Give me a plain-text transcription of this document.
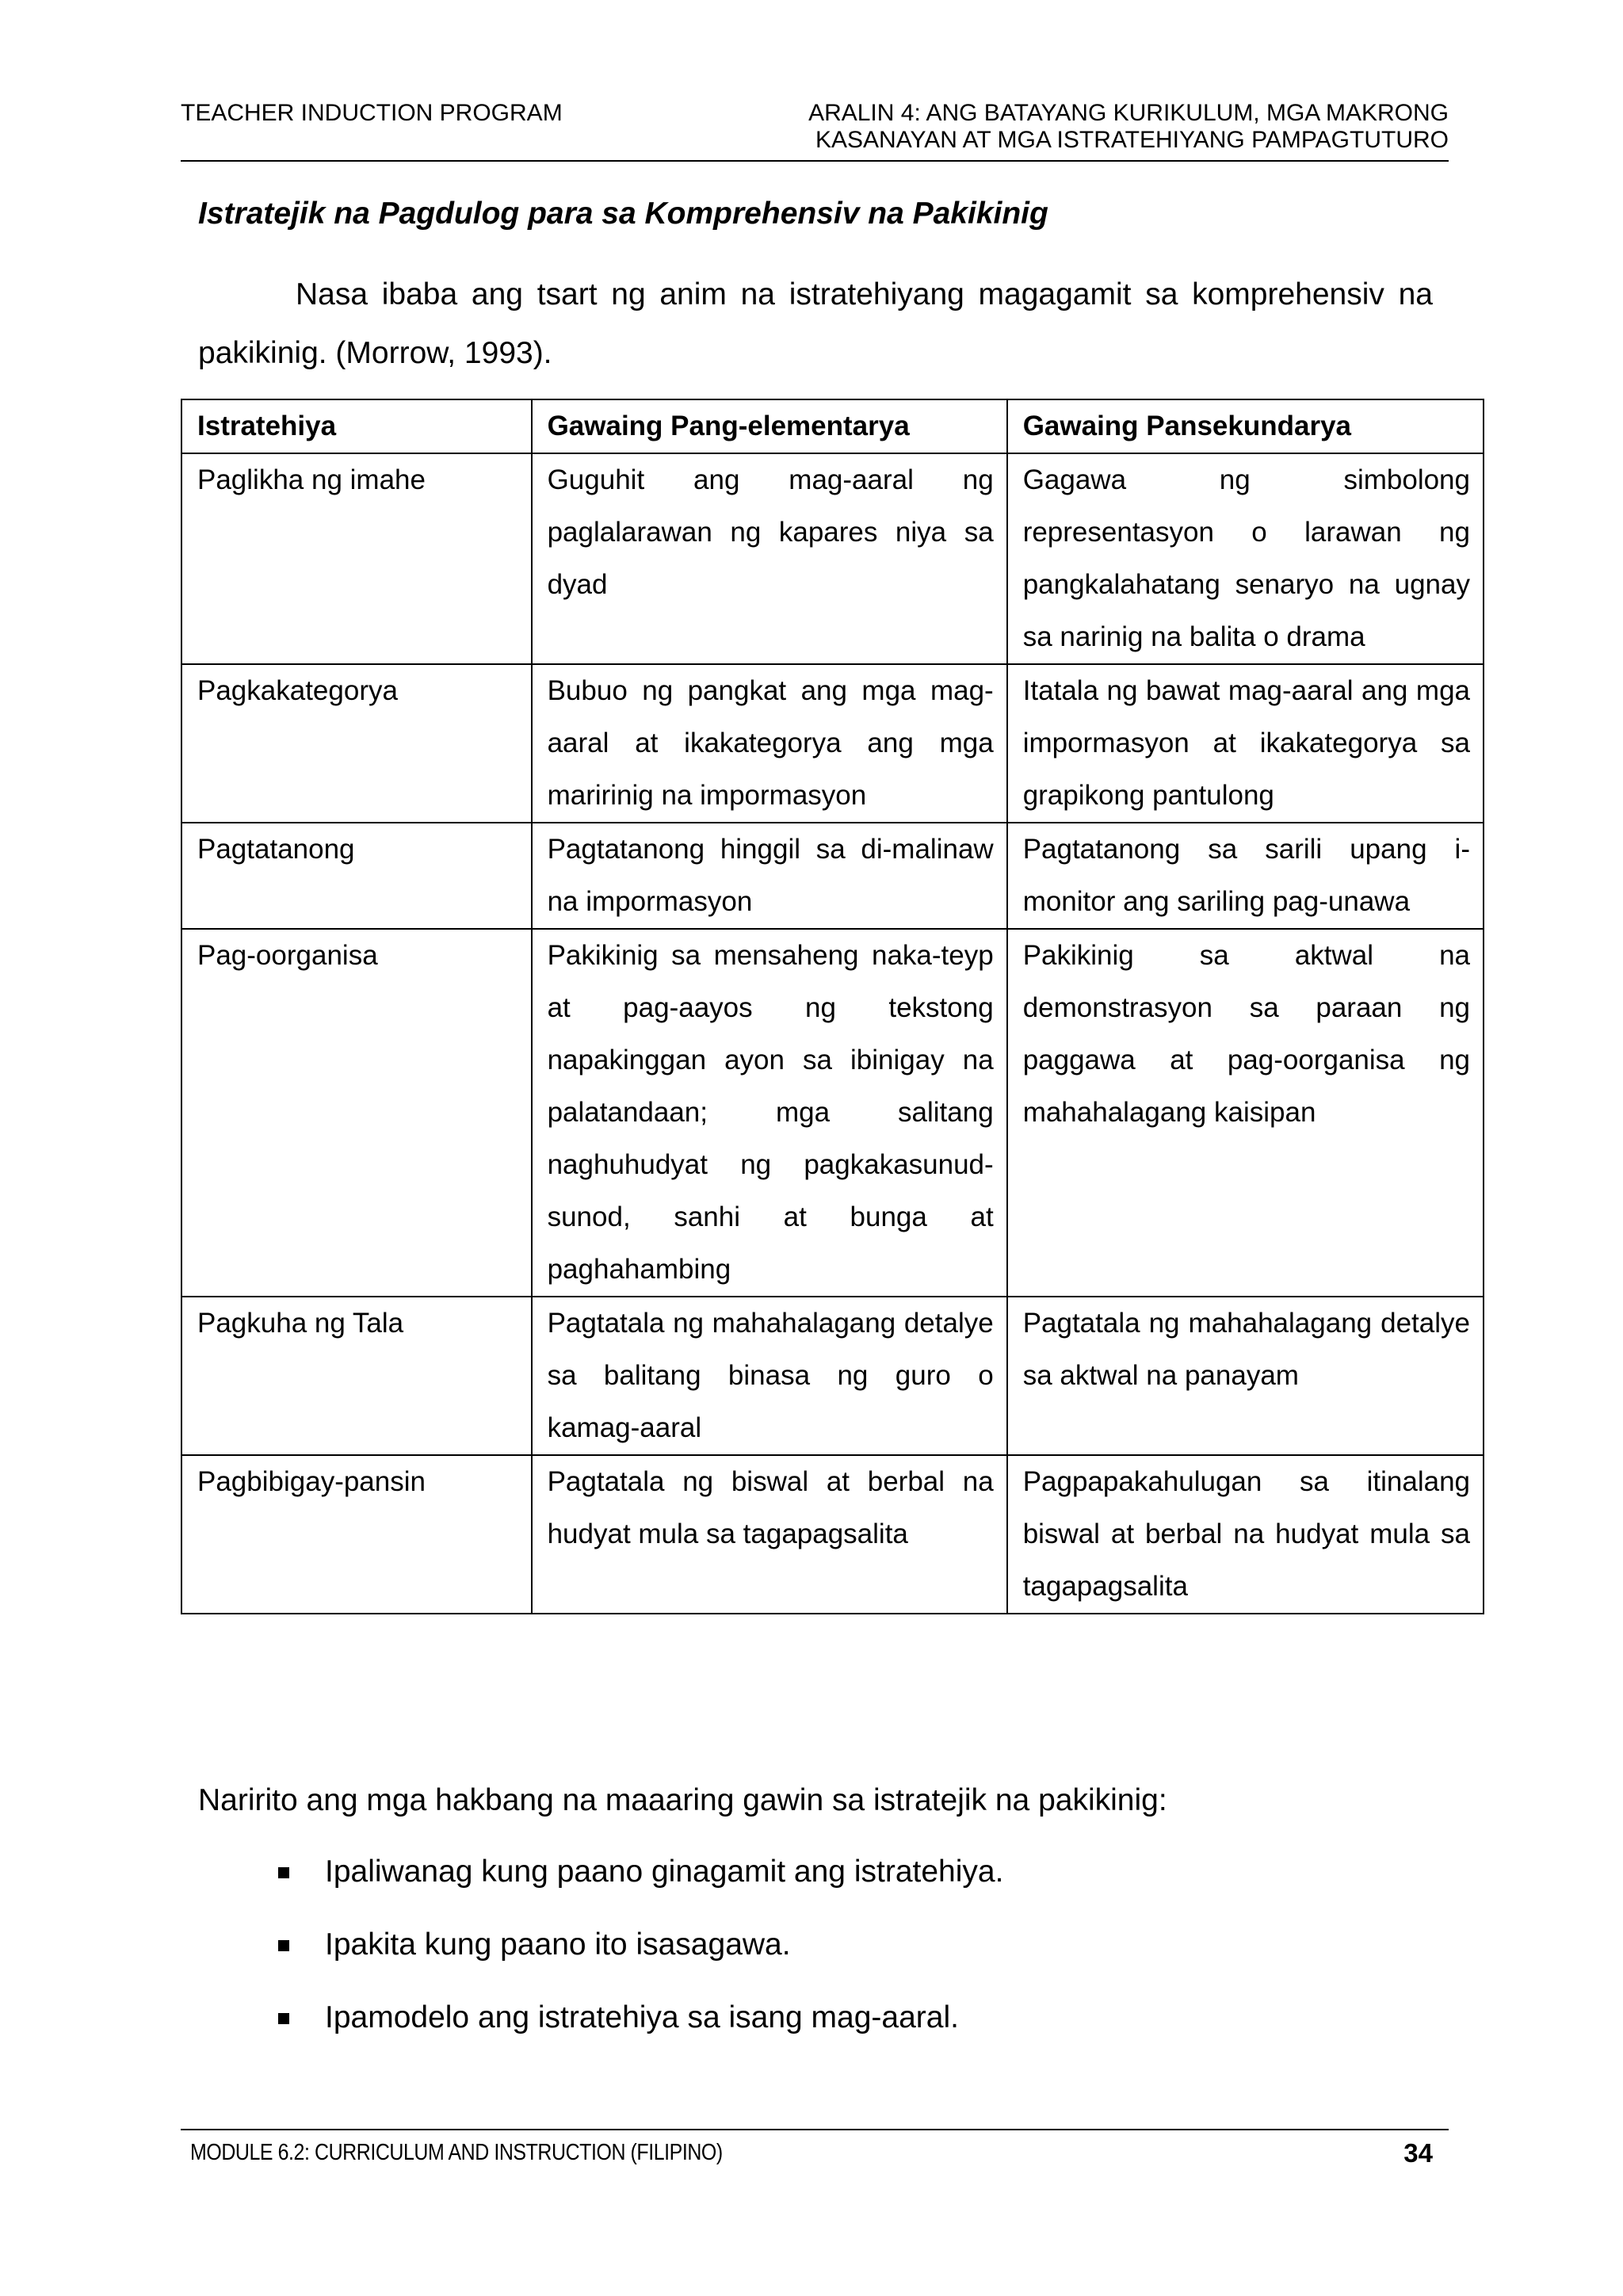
TEACHER INDUCTION PROGRAM	ARALIN 4: ANG BATAYANG KURIKULUM, MGA MAKRONG
KASANAYAN AT MGA ISTRATEHIYANG PAMPAGTUTURO
Istratejik na Pagdulog para sa Komprehensiv na Pakikinig
Nasa ibaba ang tsart ng anim na istratehiyang magagamit sa komprehensiv na pakikinig. (Morrow, 1993).
Istratehiya	Gawaing Pang-elementarya	Gawaing Pansekundarya
Paglikha ng imahe	Guguhit ang mag-aaral ng paglalarawan ng kapares niya sa dyad	Gagawa ng simbolong representasyon o larawan ng pangkalahatang senaryo na ugnay sa narinig na balita o drama
Pagkakategorya	Bubuo ng pangkat ang mga mag-aaral at ikakategorya ang mga maririnig na impormasyon	Itatala ng bawat mag-aaral ang mga impormasyon at ikakategorya sa grapikong pantulong
Pagtatanong	Pagtatanong hinggil sa di-malinaw na impormasyon	Pagtatanong sa sarili upang i-monitor ang sariling pag-unawa
Pag-oorganisa	Pakikinig sa mensaheng naka-teyp at pag-aayos ng tekstong napakinggan ayon sa ibinigay na palatandaan; mga salitang naghuhudyat ng pagkakasunud-sunod, sanhi at bunga at paghahambing	Pakikinig sa aktwal na demonstrasyon sa paraan ng paggawa at pag-oorganisa ng mahahalagang kaisipan
Pagkuha ng Tala	Pagtatala ng mahahalagang detalye sa balitang binasa ng guro o kamag-aaral	Pagtatala ng mahahalagang detalye sa aktwal na panayam
Pagbibigay-pansin	Pagtatala ng biswal at berbal na hudyat mula sa tagapagsalita	Pagpapakahulugan sa itinalang biswal at berbal na hudyat mula sa tagapagsalita
Naririto ang mga hakbang na maaaring gawin sa istratejik na pakikinig:
Ipaliwanag kung paano ginagamit ang istratehiya.
Ipakita kung paano ito isasagawa.
Ipamodelo ang istratehiya sa isang mag-aaral.
MODULE 6.2: CURRICULUM AND INSTRUCTION (FILIPINO)	34
